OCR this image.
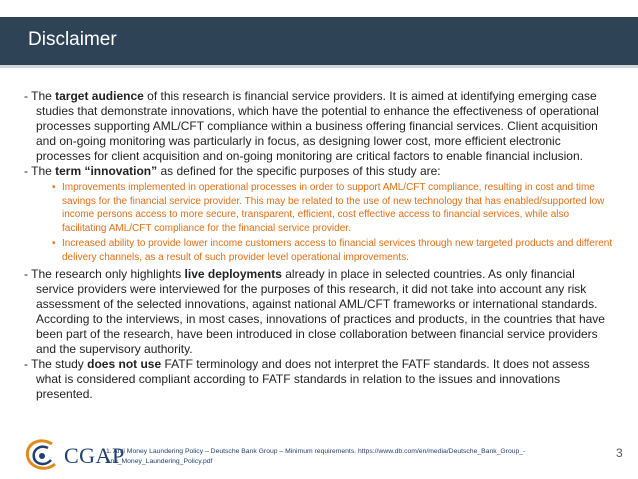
Disclaimer

- The target audience of this research is financial service providers. It is aimed at identifying emerging case studies that demonstrate innovations, which have the potential to enhance the effectiveness of operational processes supporting AML/CFT compliance within a business offering financial services. Client acquisition and on-going monitoring was particularly in focus, as designing lower cost, more efficient electronic processes for client acquisition and on-going monitoring are critical factors to enable financial inclusion.

- The term “innovation” as defined for the specific purposes of this study are:

• Improvements implemented in operational processes in order to support AML/CFT compliance, resulting in cost and time savings for the financial service provider. This may be related to the use of new technology that has enabled/supported low income persons access to more secure, transparent, efficient, cost effective access to financial services, while also facilitating AML/CFT compliance for the financial service provider.
• Increased ability to provide lower income customers access to financial services through new targeted products and different delivery channels, as a result of such provider level operational improvements.

- The research only highlights live deployments already in place in selected countries. As only financial service providers were interviewed for the purposes of this research, it did not take into account any risk assessment of the selected innovations, against national AML/CFT frameworks or international standards. According to the interviews, in most cases, innovations of practices and products, in the countries that have been part of the research, have been introduced in close collaboration between financial service providers and the supervisory authority.

- The study does not use FATF terminology and does not interpret the FATF standards. It does not assess what is considered compliant according to FATF standards in relation to the issues and innovations presented.

CGAP
1. Anti Money Laundering Policy – Deutsche Bank Group – Minimum requirements. https://www.db.com/en/media/Deutsche_Bank_Group_-Anti_Money_Laundering_Policy.pdf
3
